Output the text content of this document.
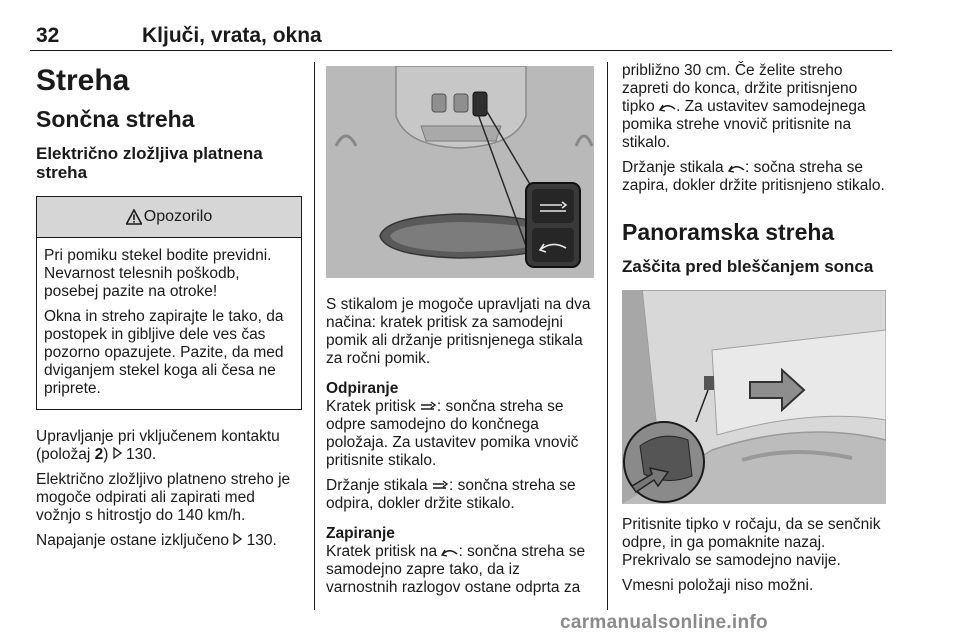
32	Ključi, vrata, okna
Streha
Sončna streha
Električno zložljiva platnena streha
Opozorilo

Pri pomiku stekel bodite previdni. Nevarnost telesnih poškodb, posebej pazite na otroke!

Okna in streho zapirajte le tako, da postopek in gibljive dele ves čas pozorno opazujete. Pazite, da med dviganjem stekel koga ali česa ne priprete.

Upravljanje pri vključenem kontaktu (položaj 2)  130.

Električno zložljivo platneno streho je mogoče odpirati ali zapirati med vožnjo s hitrostjo do 140 km/h.

Napajanje ostane izključeno  130.

S stikalom je mogoče upravljati na dva načina: kratek pritisk za samodejni pomik ali držanje pritisnjenega stikala za ročni pomik.

Odpiranje

Kratek pritisk : sončna streha se odpre samodejno do končnega položaja. Za ustavitev pomika vnovič pritisnite stikalo.

Držanje stikala : sončna streha se odpira, dokler držite stikalo.

Zapiranje

Kratek pritisk na : sončna streha se samodejno zapre tako, da iz varnostnih razlogov ostane odprta za

približno 30 cm. Če želite streho zapreti do konca, držite pritisnjeno tipko . Za ustavitev samodejnega pomika strehe vnovič pritisnite na stikalo.

Držanje stikala : sočna streha se zapira, dokler držite pritisnjeno stikalo.

Panoramska streha
Zaščita pred bleščanjem sonca

Pritisnite tipko v ročaju, da se senčnik odpre, in ga pomaknite nazaj. Prekrivalo se samodejno navije.

Vmesni položaji niso možni.

carmanualsonline.info
